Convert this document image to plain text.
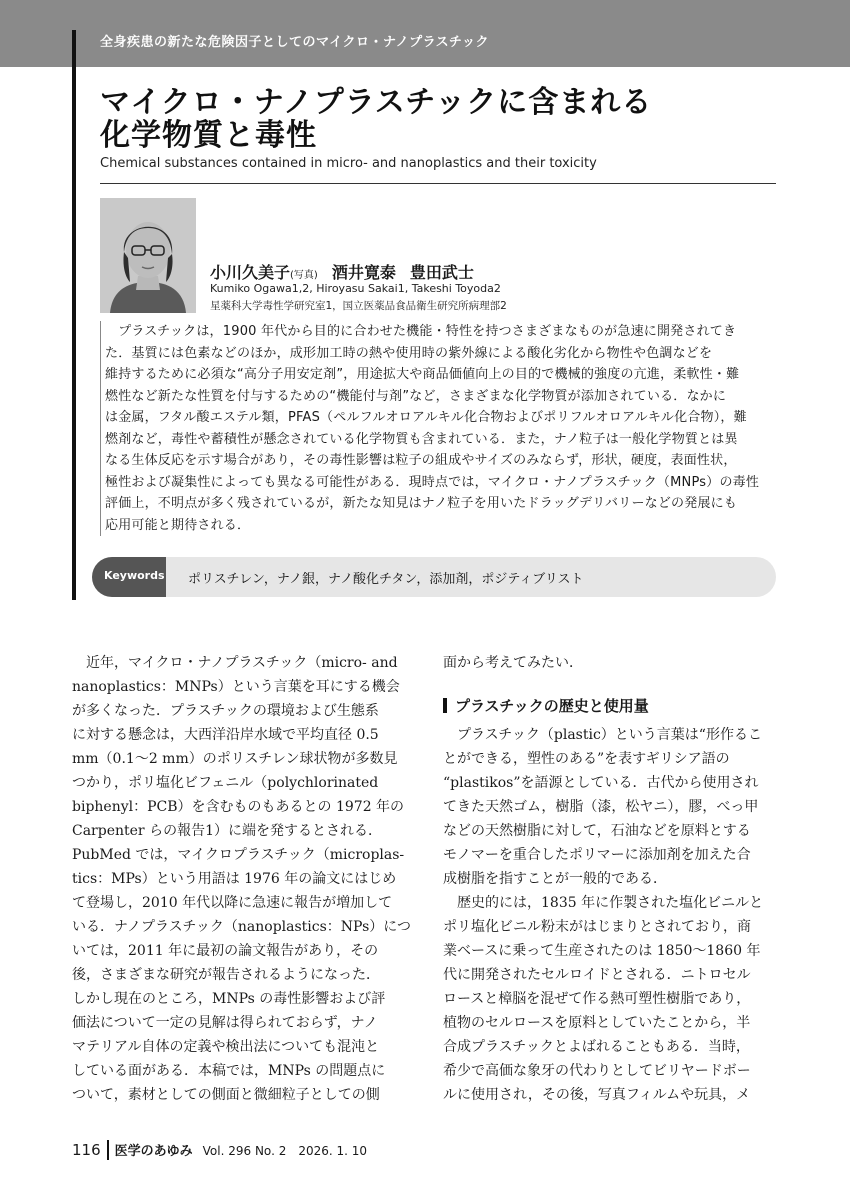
全身疾患の新たな危険因子としてのマイクロ・ナノプラスチック
マイクロ・ナノプラスチックに含まれる
化学物質と毒性
Chemical substances contained in micro- and nanoplastics and their toxicity
小川久美子(写真) 酒井寛泰 豊田武士
Kumiko Ogawa1,2, Hiroyasu Sakai1, Takeshi Toyoda2
星薬科大学毒性学研究室1，国立医薬品食品衛生研究所病理部2
　プラスチックは，1900 年代から目的に合わせた機能・特性を持つさまざまなものが急速に開発されてき
た．基質には色素などのほか，成形加工時の熱や使用時の紫外線による酸化劣化から物性や色調などを
維持するために必須な“高分子用安定剤”，用途拡大や商品価値向上の目的で機械的強度の亢進，柔軟性・難
燃性など新たな性質を付与するための“機能付与剤”など，さまざまな化学物質が添加されている．なかに
は金属，フタル酸エステル類，PFAS（ペルフルオロアルキル化合物およびポリフルオロアルキル化合物），難
燃剤など，毒性や蓄積性が懸念されている化学物質も含まれている．また，ナノ粒子は一般化学物質とは異
なる生体反応を示す場合があり，その毒性影響は粒子の組成やサイズのみならず，形状，硬度，表面性状，
極性および凝集性によっても異なる可能性がある．現時点では，マイクロ・ナノプラスチック（MNPs）の毒性
評価上，不明点が多く残されているが，新たな知見はナノ粒子を用いたドラッグデリバリーなどの発展にも
応用可能と期待される．
Keywords ポリスチレン，ナノ銀，ナノ酸化チタン，添加剤，ポジティブリスト
　近年，マイクロ・ナノプラスチック（micro- and
nanoplastics：MNPs）という言葉を耳にする機会
が多くなった．プラスチックの環境および生態系
に対する懸念は，大西洋沿岸水域で平均直径 0.5
mm（0.1〜2 mm）のポリスチレン球状物が多数見
つかり，ポリ塩化ビフェニル（polychlorinated
biphenyl：PCB）を含むものもあるとの 1972 年の
Carpenter らの報告1）に端を発するとされる．
PubMed では，マイクロプラスチック（microplas-
tics：MPs）という用語は 1976 年の論文にはじめ
て登場し，2010 年代以降に急速に報告が増加して
いる．ナノプラスチック（nanoplastics：NPs）につ
いては，2011 年に最初の論文報告があり，その
後，さまざまな研究が報告されるようになった．
しかし現在のところ，MNPs の毒性影響および評
価法について一定の見解は得られておらず，ナノ
マテリアル自体の定義や検出法についても混沌と
している面がある．本稿では，MNPs の問題点に
ついて，素材としての側面と微細粒子としての側
面から考えてみたい．
プラスチックの歴史と使用量
　プラスチック（plastic）という言葉は“形作るこ
とができる，塑性のある”を表すギリシア語の
“plastikos”を語源としている．古代から使用され
てきた天然ゴム，樹脂（漆，松ヤニ），膠，べっ甲
などの天然樹脂に対して，石油などを原料とする
モノマーを重合したポリマーに添加剤を加えた合
成樹脂を指すことが一般的である．
　歴史的には，1835 年に作製された塩化ビニルと
ポリ塩化ビニル粉末がはじまりとされており，商
業ベースに乗って生産されたのは 1850〜1860 年
代に開発されたセルロイドとされる．ニトロセル
ロースと樟脳を混ぜて作る熱可塑性樹脂であり，
植物のセルロースを原料としていたことから，半
合成プラスチックとよばれることもある．当時，
希少で高価な象牙の代わりとしてビリヤードボー
ルに使用され，その後，写真フィルムや玩具，メ
116 医学のあゆみ Vol. 296 No. 2　2026. 1. 10
